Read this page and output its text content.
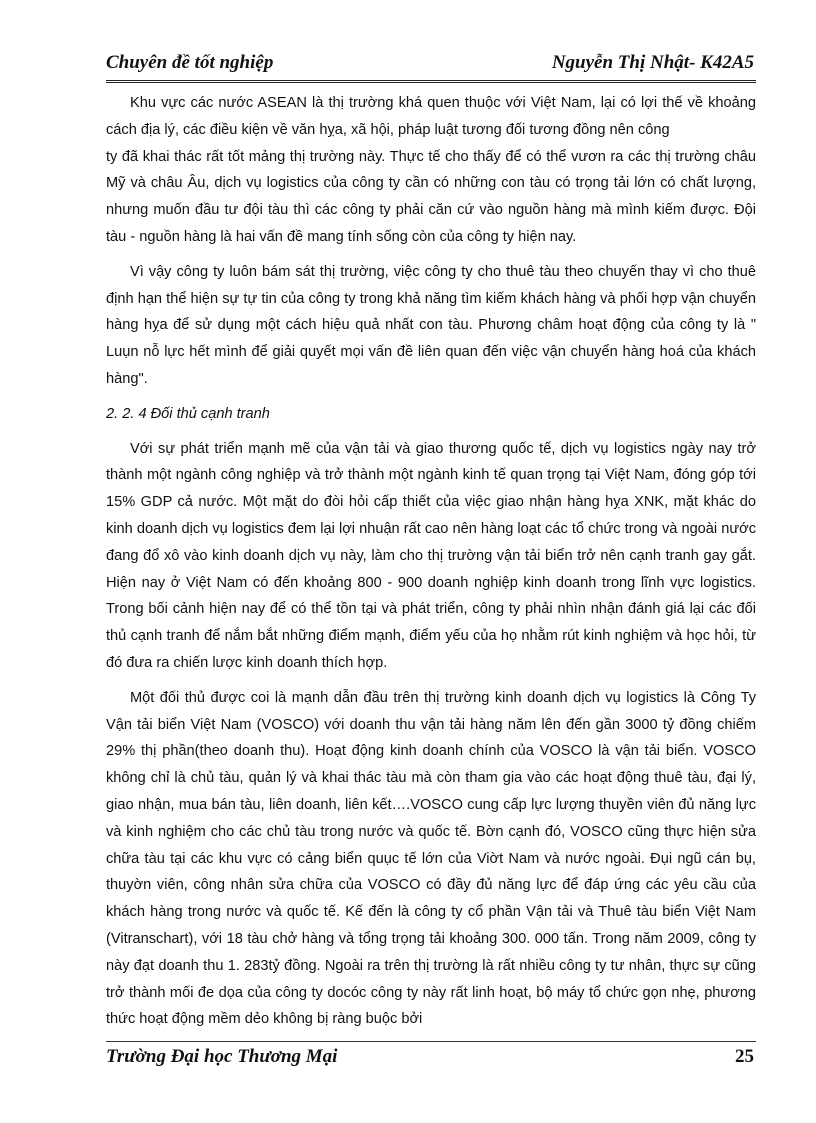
Chuyên đề tốt nghiệp	Nguyễn Thị Nhật- K42A5

Khu vực các nước ASEAN là thị trường khá quen thuộc với Việt Nam, lại có lợi thế về khoảng cách địa lý, các điều kiện về văn hỵa, xã hội, pháp luật tương đối tương đồng nên công

ty đã khai thác rất tốt mảng thị trường này. Thực tế cho thấy để có thể vươn ra các thị trường châu Mỹ và châu Âu, dịch vụ logistics của công ty cần có những con tàu có trọng tải lớn có chất lượng, nhưng muốn đầu tư đội tàu thì các công ty phải căn cứ vào nguồn hàng mà mình kiếm được. Đội tàu - nguồn hàng là hai vấn đề mang tính sống còn của công ty hiện nay.

Vì vậy công ty luôn bám sát thị trường, việc công ty cho thuê tàu theo chuyến thay vì cho thuê định hạn thể hiện sự tự tin của công ty trong khả năng tìm kiếm khách hàng và phối hợp vận chuyển hàng hỵa để sử dụng một cách hiệu quả nhất con tàu. Phương châm hoạt động của công ty là " Luụn nỗ lực hết mình để giải quyết mọi vấn đề liên quan đến việc vận chuyển hàng hoá của khách hàng".

2. 2. 4 Đối thủ cạnh tranh

Với sự phát triển mạnh mẽ của vận tải và giao thương quốc tế, dịch vụ logistics ngày nay trở thành một ngành công nghiệp và trở thành một ngành kinh tế quan trọng tại Việt Nam, đóng góp tới 15% GDP cả nước. Một mặt do đòi hỏi cấp thiết của việc giao nhận hàng hỵa XNK, mặt khác do kinh doanh dịch vụ logistics đem lại lợi nhuận rất cao nên hàng loạt các tổ chức trong và ngoài nước đang đổ xô vào kinh doanh dịch vụ này, làm cho thị trường vận tải biển trở nên cạnh tranh gay gắt. Hiện nay ở Việt Nam có đến khoảng 800 - 900 doanh nghiệp kinh doanh trong lĩnh vực logistics. Trong bối cảnh hiện nay để có thể tồn tại và phát triển, công ty phải nhìn nhận đánh giá lại các đối thủ cạnh tranh để nắm bắt những điểm mạnh, điểm yếu của họ nhằm rút kinh nghiệm và học hỏi, từ đó đưa ra chiến lược kinh doanh thích hợp.

Một đối thủ được coi là mạnh dẫn đầu trên thị trường kinh doanh dịch vụ logistics là Công Ty Vận tải biển Việt Nam (VOSCO) với doanh thu vận tải hàng năm lên đến gần 3000 tỷ đồng chiếm 29% thị phần(theo doanh thu). Hoạt động kinh doanh chính của VOSCO là vận tải biển. VOSCO không chỉ là chủ tàu, quản lý và khai thác tàu mà còn tham gia vào các hoạt động thuê tàu, đại lý, giao nhận, mua bán tàu, liên doanh, liên kết….VOSCO cung cấp lực lượng thuyền viên đủ năng lực và kinh nghiệm cho các chủ tàu trong nước và quốc tế. Bờn cạnh đó, VOSCO cũng thực hiện sửa chữa tàu tại các khu vực có cảng biển quục tế lớn của Viờt Nam và nước ngoài. Đụi ngũ cán bụ, thuyờn viên, công nhân sửa chữa của VOSCO có đầy đủ năng lực để đáp ứng các yêu cầu của khách hàng trong nước và quốc tế. Kế đến là công ty cổ phần Vận tải và Thuê tàu biển Việt Nam (Vitranschart), với 18 tàu chở hàng và tổng trọng tải khoảng 300. 000 tấn. Trong năm 2009, công ty này đạt doanh thu 1. 283tỷ đồng. Ngoài ra trên thị trường là rất nhiều công ty tư nhân, thực sự cũng trở thành mối đe dọa của công ty docóc công ty này rất linh hoạt, bộ máy tổ chức gọn nhẹ, phương thức hoạt động mềm dẻo không bị ràng buộc bởi

Trường Đại học Thương Mại	25
